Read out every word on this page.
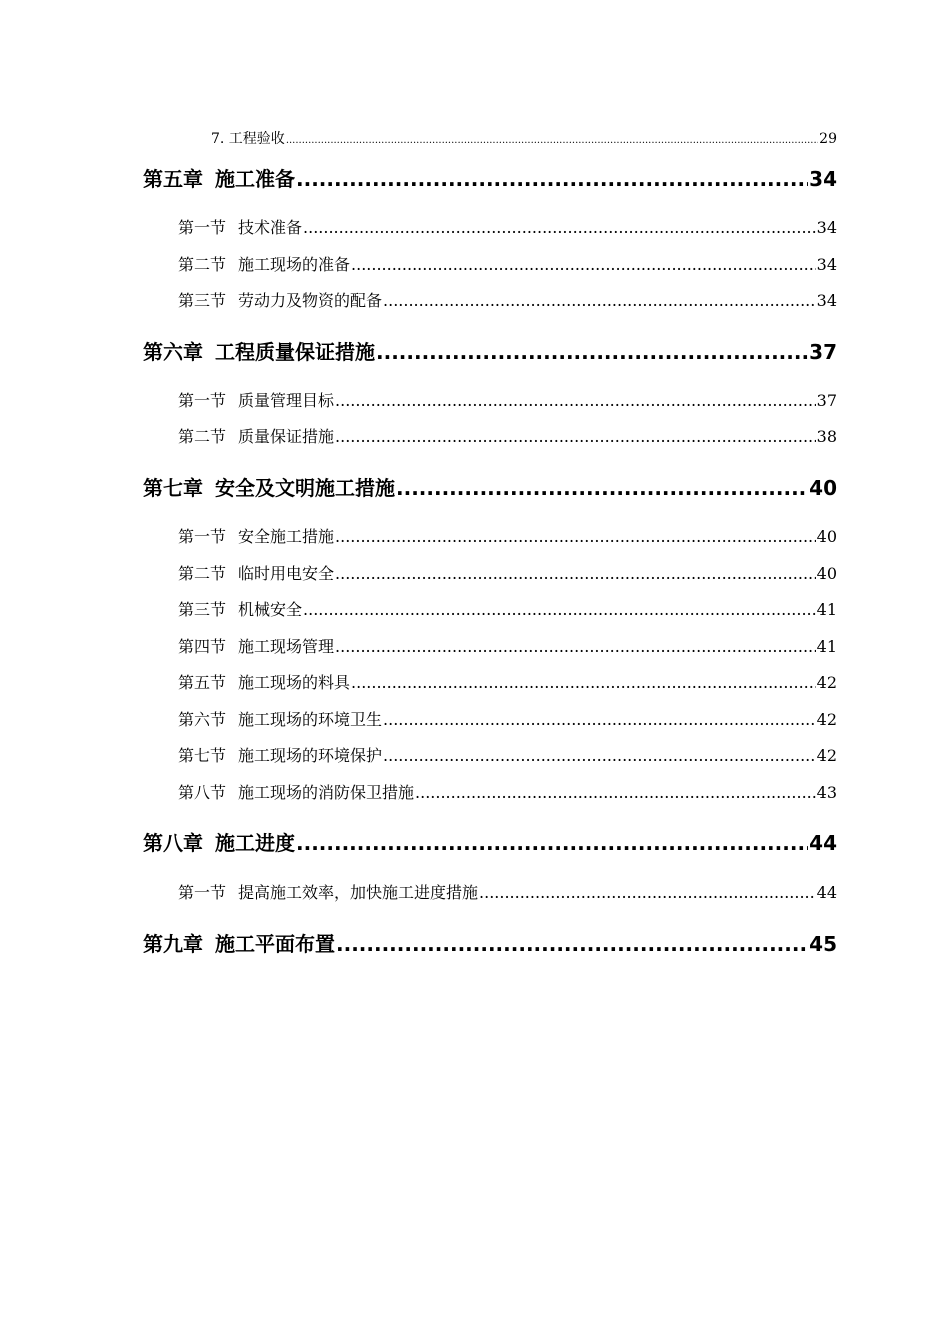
7. 工程验收 .....	29
第五章 施工准备 .....	34
第一节 技术准备 .....	34
第二节 施工现场的准备 .....	34
第三节 劳动力及物资的配备 .....	34
第六章 工程质量保证措施 .....	37
第一节 质量管理目标 .....	37
第二节 质量保证措施 .....	38
第七章 安全及文明施工措施 .....	40
第一节 安全施工措施 .....	40
第二节 临时用电安全 .....	40
第三节 机械安全 .....	41
第四节 施工现场管理 .....	41
第五节 施工现场的料具 .....	42
第六节 施工现场的环境卫生 .....	42
第七节 施工现场的环境保护 .....	42
第八节 施工现场的消防保卫措施 .....	43
第八章 施工进度 .....	44
第一节 提高施工效率，加快施工进度措施 .....	44
第九章 施工平面布置 .....	45
